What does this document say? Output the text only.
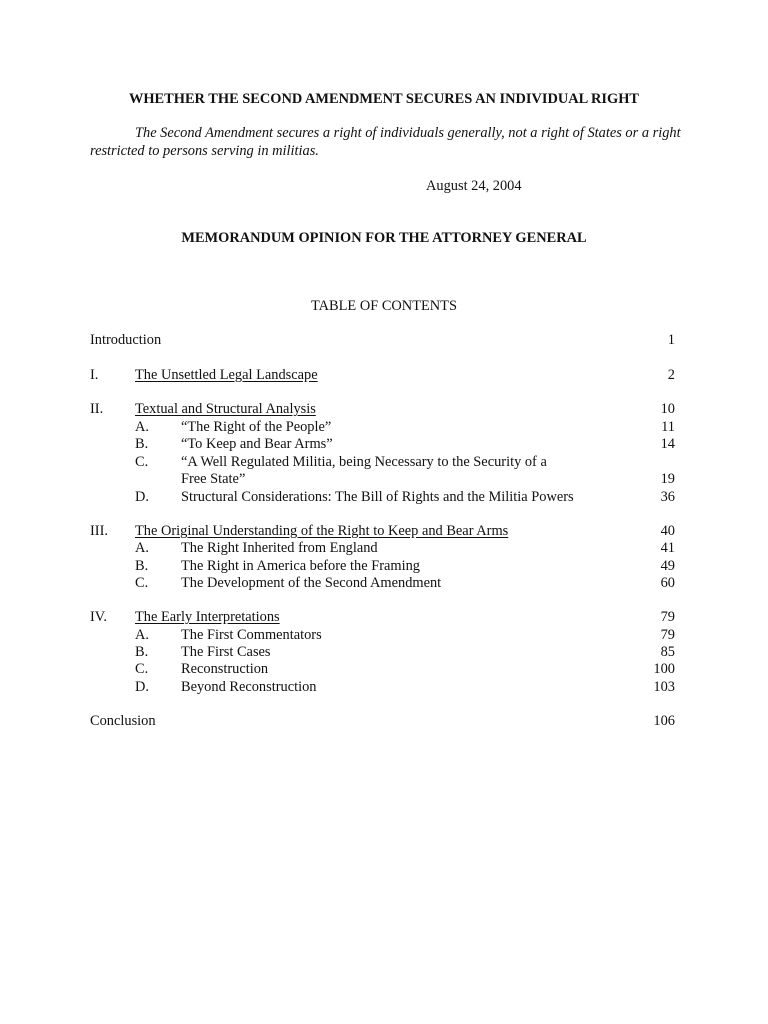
WHETHER THE SECOND AMENDMENT SECURES AN INDIVIDUAL RIGHT
The Second Amendment secures a right of individuals generally, not a right of States or a right restricted to persons serving in militias.
August 24, 2004
MEMORANDUM OPINION FOR THE ATTORNEY GENERAL
TABLE OF CONTENTS
Introduction	1
I.	The Unsettled Legal Landscape	2
II. Textual and Structural Analysis	10
A. “The Right of the People”	11
B. “To Keep and Bear Arms”	14
C. “A Well Regulated Militia, being Necessary to the Security of a
Free State”	19
D. Structural Considerations: The Bill of Rights and the Militia Powers	36
III. The Original Understanding of the Right to Keep and Bear Arms	40
A. The Right Inherited from England	41
B. The Right in America before the Framing	49
C. The Development of the Second Amendment	60
IV. The Early Interpretations	79
A. The First Commentators	79
B. The First Cases	85
C. Reconstruction	100
D. Beyond Reconstruction	103
Conclusion	106
